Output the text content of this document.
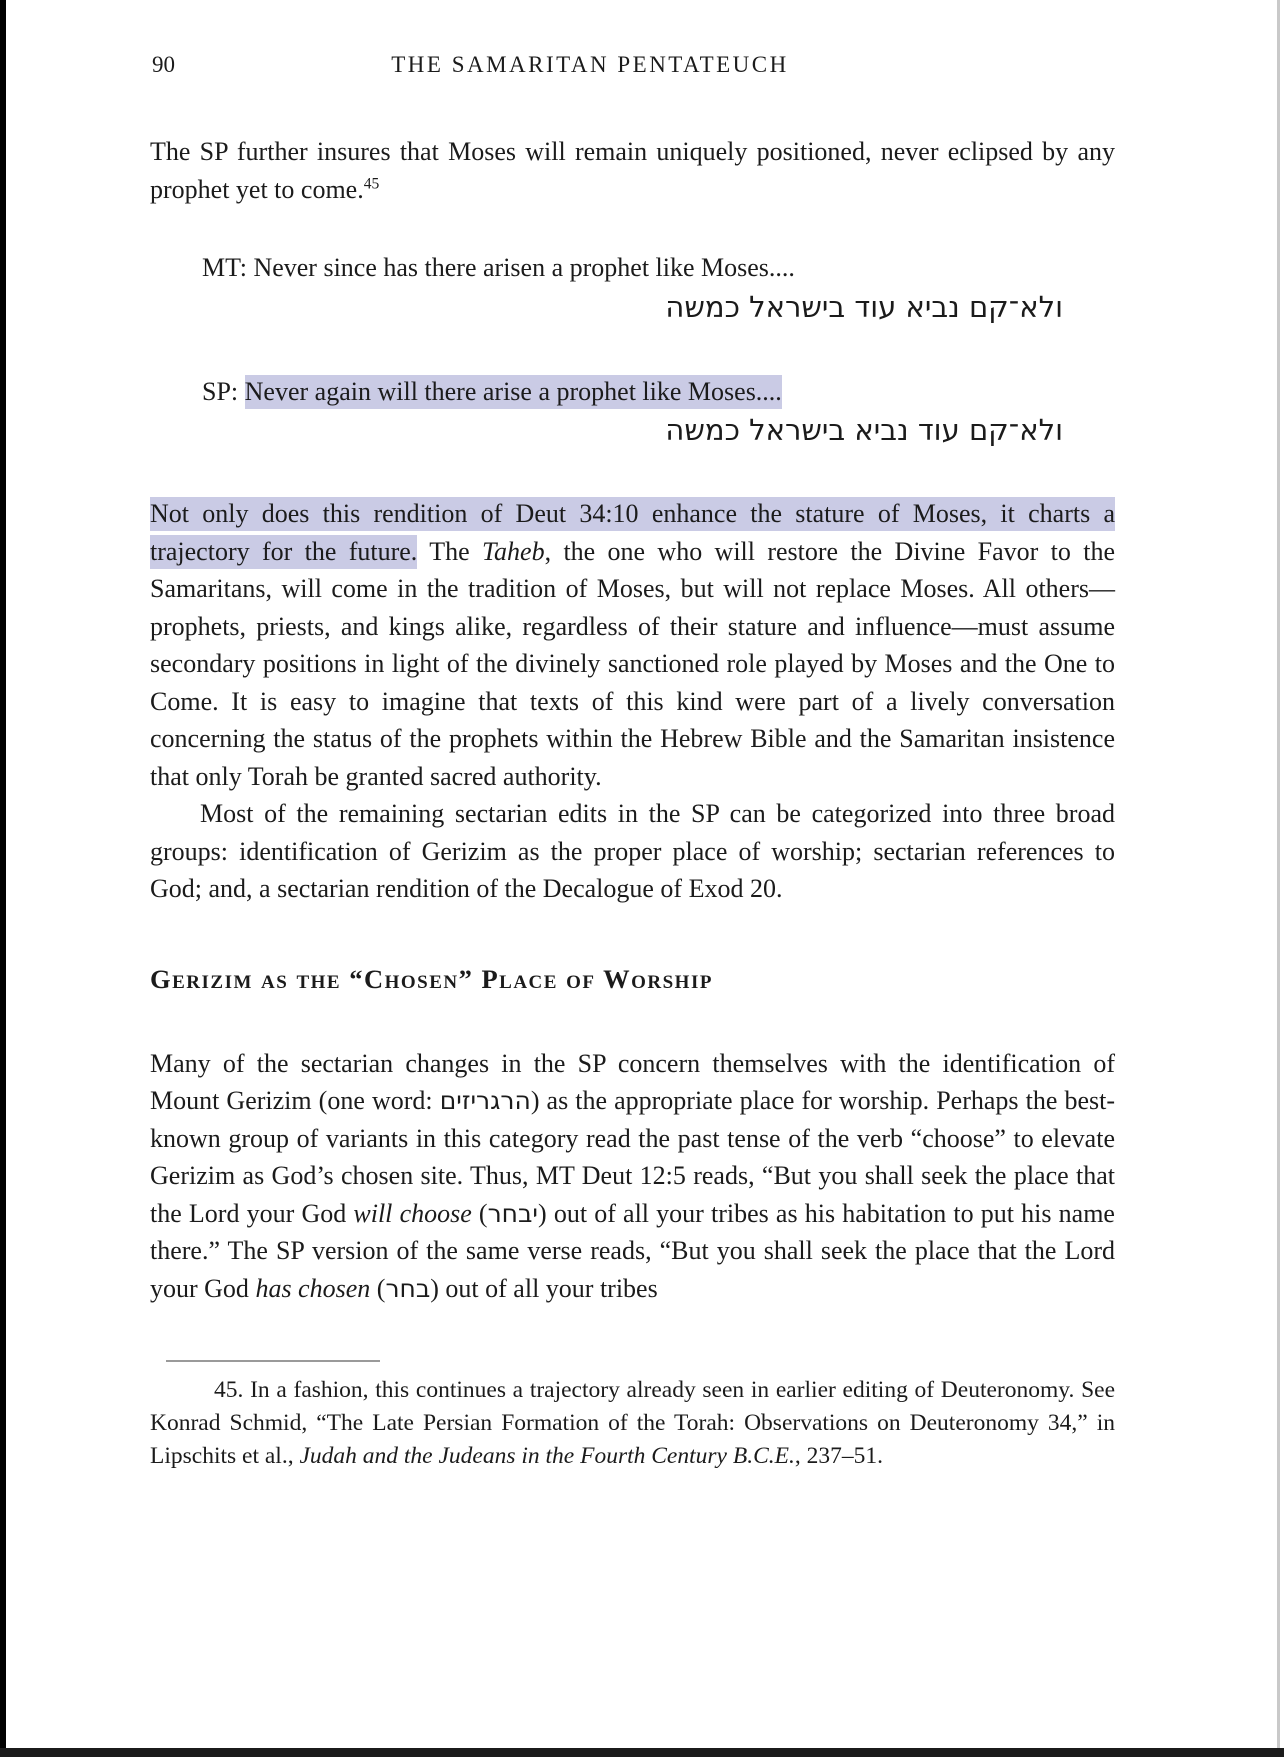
90	THE SAMARITAN PENTATEUCH

The SP further insures that Moses will remain uniquely positioned, never eclipsed by any prophet yet to come.$^{45}$

MT: Never since has there arisen a prophet like Moses....
ולא־קם נביא עוד בישראל כמשה
SP: Never again will there arise a prophet like Moses....
ולא־קם עוד נביא בישראל כמשה

Not only does this rendition of Deut 34:10 enhance the stature of Moses, it charts a trajectory for the future. The Taheb, the one who will restore the Divine Favor to the Samaritans, will come in the tradition of Moses, but will not replace Moses. All others—prophets, priests, and kings alike, regardless of their stature and influence—must assume secondary positions in light of the divinely sanctioned role played by Moses and the One to Come. It is easy to imagine that texts of this kind were part of a lively conversation concerning the status of the prophets within the Hebrew Bible and the Samaritan insistence that only Torah be granted sacred authority.

Most of the remaining sectarian edits in the SP can be categorized into three broad groups: identification of Gerizim as the proper place of worship; sectarian references to God; and, a sectarian rendition of the Decalogue of Exod 20.

Gerizim as the “Chosen” Place of Worship

Many of the sectarian changes in the SP concern themselves with the identification of Mount Gerizim (one word: הרגריזים) as the appropriate place for worship. Perhaps the best-known group of variants in this category read the past tense of the verb “choose” to elevate Gerizim as God’s chosen site. Thus, MT Deut 12:5 reads, “But you shall seek the place that the Lord your God will choose (יבחר) out of all your tribes as his habitation to put his name there.” The SP version of the same verse reads, “But you shall seek the place that the Lord your God has chosen (בחר) out of all your tribes

45. In a fashion, this continues a trajectory already seen in earlier editing of Deuteronomy. See Konrad Schmid, “The Late Persian Formation of the Torah: Observations on Deuteronomy 34,” in Lipschits et al., Judah and the Judeans in the Fourth Century B.C.E., 237–51.
